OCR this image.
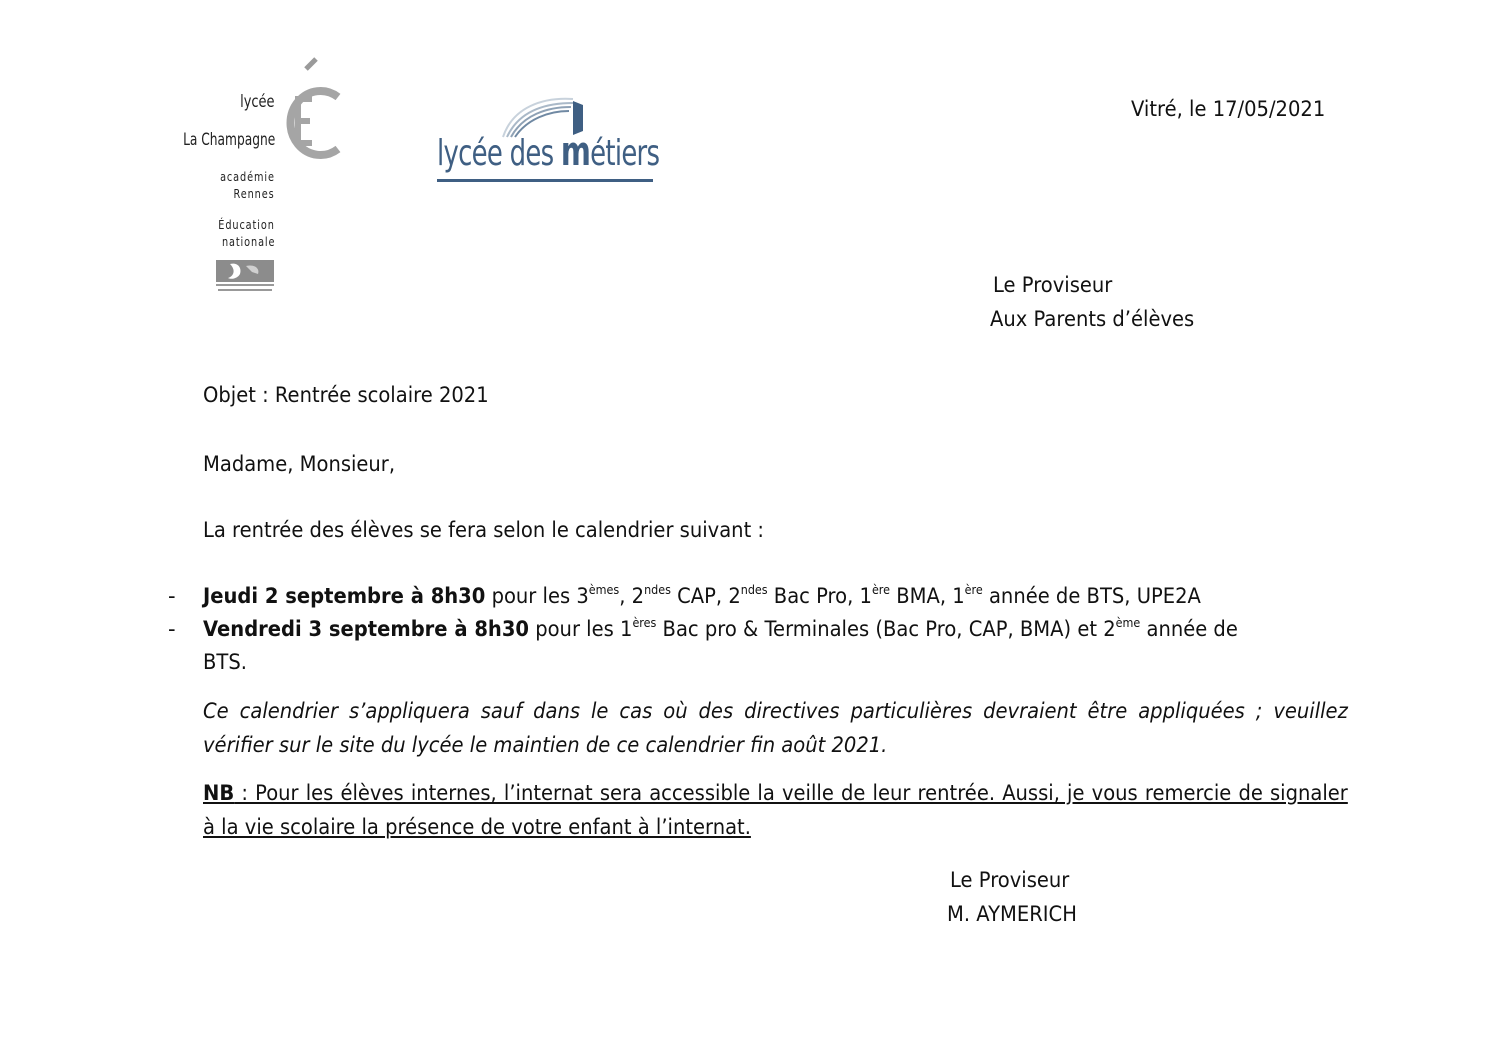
lycée
La Champagne
académie
Rennes
Éducation
nationale
lycée des métiers
Vitré, le 17/05/2021
Le Proviseur
Aux Parents d’élèves
Objet : Rentrée scolaire 2021
Madame, Monsieur,
La rentrée des élèves se fera selon le calendrier suivant :
- Jeudi 2 septembre à 8h30 pour les 3èmes, $2^{ndes}$ CAP, $2^{ndes}$ Bac Pro, 1ère BMA, 1ère année de BTS, UPE2A
- Vendredi 3 septembre à 8h30 pour les 1ères Bac pro & Terminales (Bac Pro, CAP, BMA) et 2ème année de
BTS.
Ce calendrier s’appliquera sauf dans le cas où des directives particulières devraient être appliquées ; veuillez vérifier sur le site du lycée le maintien de ce calendrier fin août 2021.
NB : Pour les élèves internes, l’internat sera accessible la veille de leur rentrée. Aussi, je vous remercie de signaler à la vie scolaire la présence de votre enfant à l’internat.
Le Proviseur
M. AYMERICH
